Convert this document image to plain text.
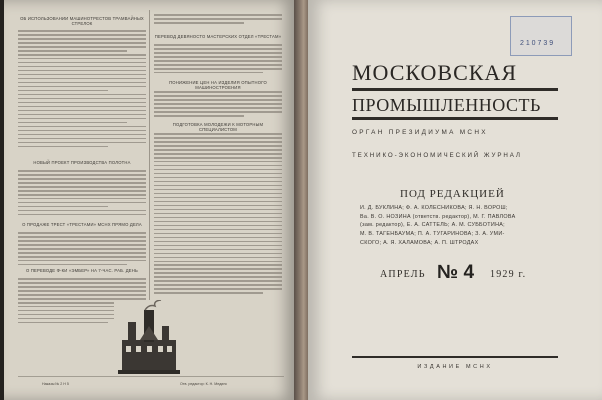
ОБ ИСПОЛЬЗОВАНИИ МАШИНОТРЕСТОВ ТРАМВАЙНЫХ СТРЕЛОК
НОВЫЙ ПРОЕКТ ПРОИЗВОДСТВА ПОЛОТНА
О ПРОДАЖЕ ТРЕСТ «ТРЕСТАМИ» МСНХ ПРЯМО ДЕЛА
О ПЕРЕВОДЕ Ф-КИ «ЭМБЕР» НА 7-ЧАС. РАБ. ДЕНЬ
ПЕРЕВОД ДЕВЯНОСТО МАСТЕРСКИХ ОТДЕЛ «ТРЕСТАМ»
ПОНИЖЕНИЕ ЦЕН НА ИЗДЕЛИЯ ОПЫТНОГО МАШИНОСТРОЕНИЯ
ПОДГОТОВКА МОЛОДЕЖИ К МОТОРНЫМ СПЕЦИАЛИСТОМ
Наказы № 2 Н 5	Отв. редактор: К. Н. Мединс
2 1 0 7 3 9
МОСКОВСКАЯ
ПРОМЫШЛЕННОСТЬ
ОРГАН ПРЕЗИДИУМА МСНХ
ТЕХНИКО-ЭКОНОМИЧЕСКИЙ ЖУРНАЛ
ПОД РЕДАКЦИЕЙ
И. Д. БУКЛИНА; Ф. А. КОЛЕСНИКОВА; Я. Н. ВОРОШ;
Ва. В. О. НОЗИНА (ответств. редактор), М. Г. ПАВЛОВА
(зам. редактор), Е. А. САТТЕЛЬ; А. М. СУББОТИНА;
М. В. ТАГЕНБАУМА; П. А. ТУГАРИНОВА; З. А. УМИ-
СКОГО; А. Я. ХАЛАМОВА; А. П. ШТРОДАХ
АПРЕЛЬ № 4 1929 г.
ИЗДАНИЕ МСНХ
